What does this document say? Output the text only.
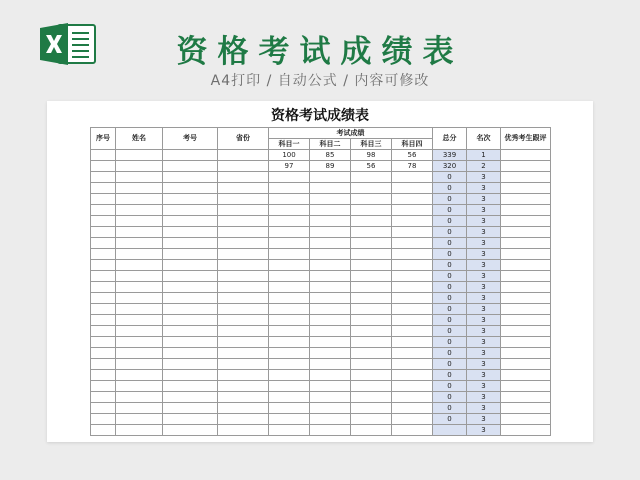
资格考试成绩表
A4打印 / 自动公式 / 内容可修改
资格考试成绩表
序号	姓名	考号	省份	考试成绩				总分	名次	优秀考生跟评
				科目一	科目二	科目三	科目四			
				100	85	98	56	339	1	
				97	89	56	78	320	2	
								0	3	
								0	3	
								0	3	
								0	3	
								0	3	
								0	3	
								0	3	
								0	3	
								0	3	
								0	3	
								0	3	
								0	3	
								0	3	
								0	3	
								0	3	
								0	3	
								0	3	
								0	3	
								0	3	
								0	3	
								0	3	
								0	3	
								0	3	
									3	
